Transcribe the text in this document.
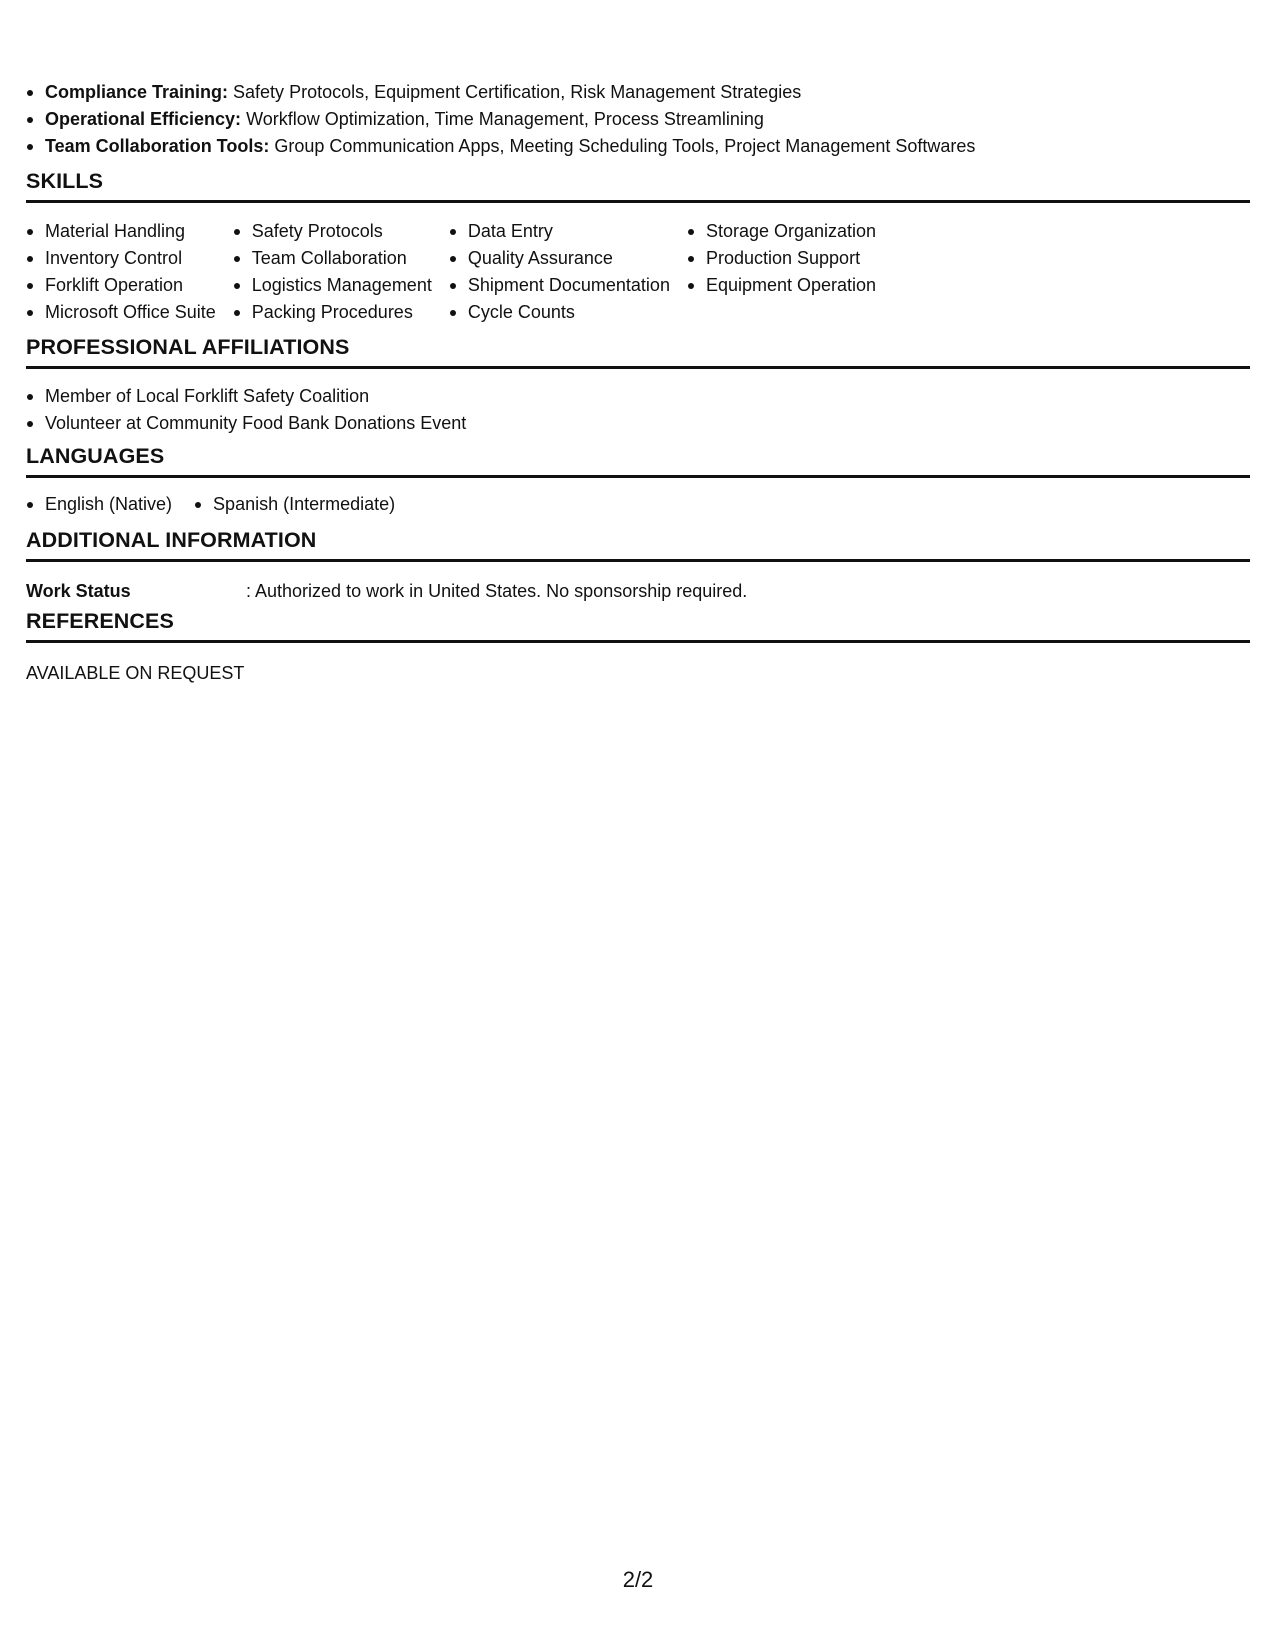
Compliance Training: Safety Protocols, Equipment Certification, Risk Management Strategies
Operational Efficiency: Workflow Optimization, Time Management, Process Streamlining
Team Collaboration Tools: Group Communication Apps, Meeting Scheduling Tools, Project Management Softwares
SKILLS
Material Handling
Inventory Control
Forklift Operation
Microsoft Office Suite
Safety Protocols
Team Collaboration
Logistics Management
Packing Procedures
Data Entry
Quality Assurance
Shipment Documentation
Cycle Counts
Storage Organization
Production Support
Equipment Operation
PROFESSIONAL AFFILIATIONS
Member of Local Forklift Safety Coalition
Volunteer at Community Food Bank Donations Event
LANGUAGES
English (Native)	Spanish (Intermediate)
ADDITIONAL INFORMATION
Work Status	: Authorized to work in United States. No sponsorship required.
REFERENCES
AVAILABLE ON REQUEST
2/2
